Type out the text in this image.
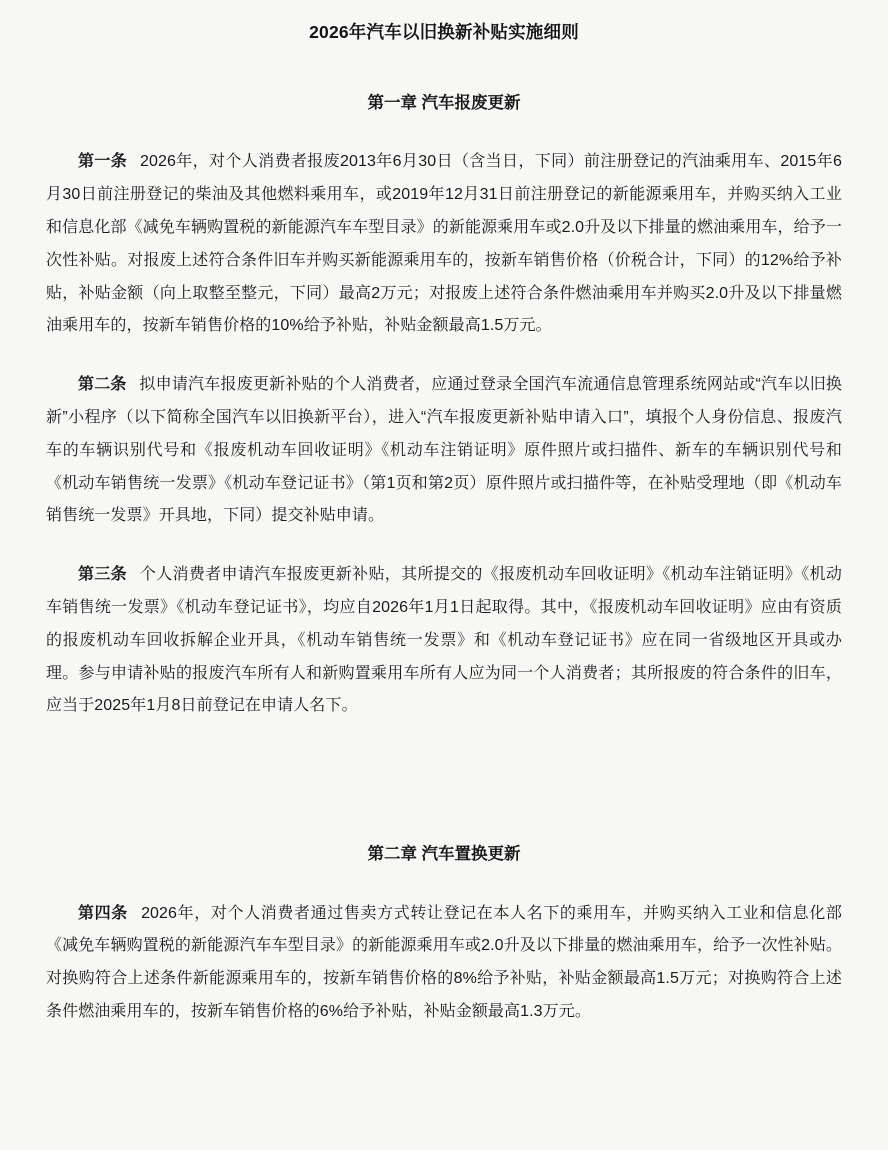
2026年汽车以旧换新补贴实施细则
第一章 汽车报废更新

第一条  2026年，对个人消费者报废2013年6月30日（含当日，下同）前注册登记的汽油乘用车、2015年6月30日前注册登记的柴油及其他燃料乘用车，或2019年12月31日前注册登记的新能源乘用车，并购买纳入工业和信息化部《减免车辆购置税的新能源汽车车型目录》的新能源乘用车或2.0升及以下排量的燃油乘用车，给予一次性补贴。对报废上述符合条件旧车并购买新能源乘用车的，按新车销售价格（价税合计，下同）的12%给予补贴，补贴金额（向上取整至整元，下同）最高2万元；对报废上述符合条件燃油乘用车并购买2.0升及以下排量燃油乘用车的，按新车销售价格的10%给予补贴，补贴金额最高1.5万元。

第二条  拟申请汽车报废更新补贴的个人消费者，应通过登录全国汽车流通信息管理系统网站或“汽车以旧换新”小程序（以下简称全国汽车以旧换新平台），进入“汽车报废更新补贴申请入口”，填报个人身份信息、报废汽车的车辆识别代号和《报废机动车回收证明》《机动车注销证明》原件照片或扫描件、新车的车辆识别代号和《机动车销售统一发票》《机动车登记证书》（第1页和第2页）原件照片或扫描件等，在补贴受理地（即《机动车销售统一发票》开具地，下同）提交补贴申请。

第三条  个人消费者申请汽车报废更新补贴，其所提交的《报废机动车回收证明》《机动车注销证明》《机动车销售统一发票》《机动车登记证书》，均应自2026年1月1日起取得。其中，《报废机动车回收证明》应由有资质的报废机动车回收拆解企业开具，《机动车销售统一发票》和《机动车登记证书》应在同一省级地区开具或办理。参与申请补贴的报废汽车所有人和新购置乘用车所有人应为同一个人消费者；其所报废的符合条件的旧车，应当于2025年1月8日前登记在申请人名下。

第二章 汽车置换更新

第四条  2026年，对个人消费者通过售卖方式转让登记在本人名下的乘用车，并购买纳入工业和信息化部《减免车辆购置税的新能源汽车车型目录》的新能源乘用车或2.0升及以下排量的燃油乘用车，给予一次性补贴。对换购符合上述条件新能源乘用车的，按新车销售价格的8%给予补贴，补贴金额最高1.5万元；对换购符合上述条件燃油乘用车的，按新车销售价格的6%给予补贴，补贴金额最高1.3万元。
